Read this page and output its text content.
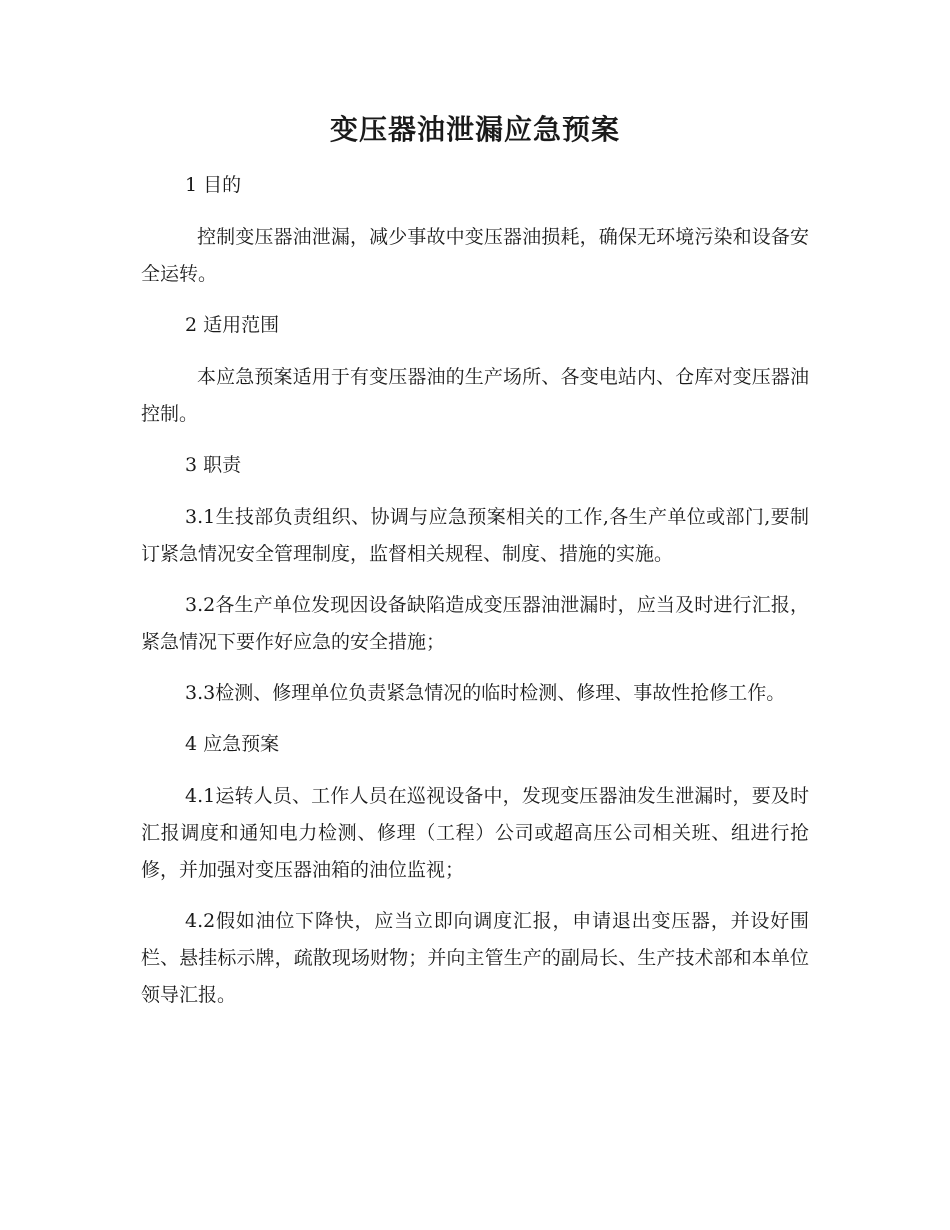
变压器油泄漏应急预案

1 目的

控制变压器油泄漏，减少事故中变压器油损耗，确保无环境污染和设备安全运转。

2 适用范围

本应急预案适用于有变压器油的生产场所、各变电站内、仓库对变压器油控制。

3 职责

3.1生技部负责组织、协调与应急预案相关的工作,各生产单位或部门,要制订紧急情况安全管理制度，监督相关规程、制度、措施的实施。

3.2各生产单位发现因设备缺陷造成变压器油泄漏时，应当及时进行汇报，紧急情况下要作好应急的安全措施；

3.3检测、修理单位负责紧急情况的临时检测、修理、事故性抢修工作。

4 应急预案

4.1运转人员、工作人员在巡视设备中，发现变压器油发生泄漏时，要及时汇报调度和通知电力检测、修理（工程）公司或超高压公司相关班、组进行抢修，并加强对变压器油箱的油位监视；

4.2假如油位下降快，应当立即向调度汇报，申请退出变压器，并设好围栏、悬挂标示牌，疏散现场财物；并向主管生产的副局长、生产技术部和本单位领导汇报。
